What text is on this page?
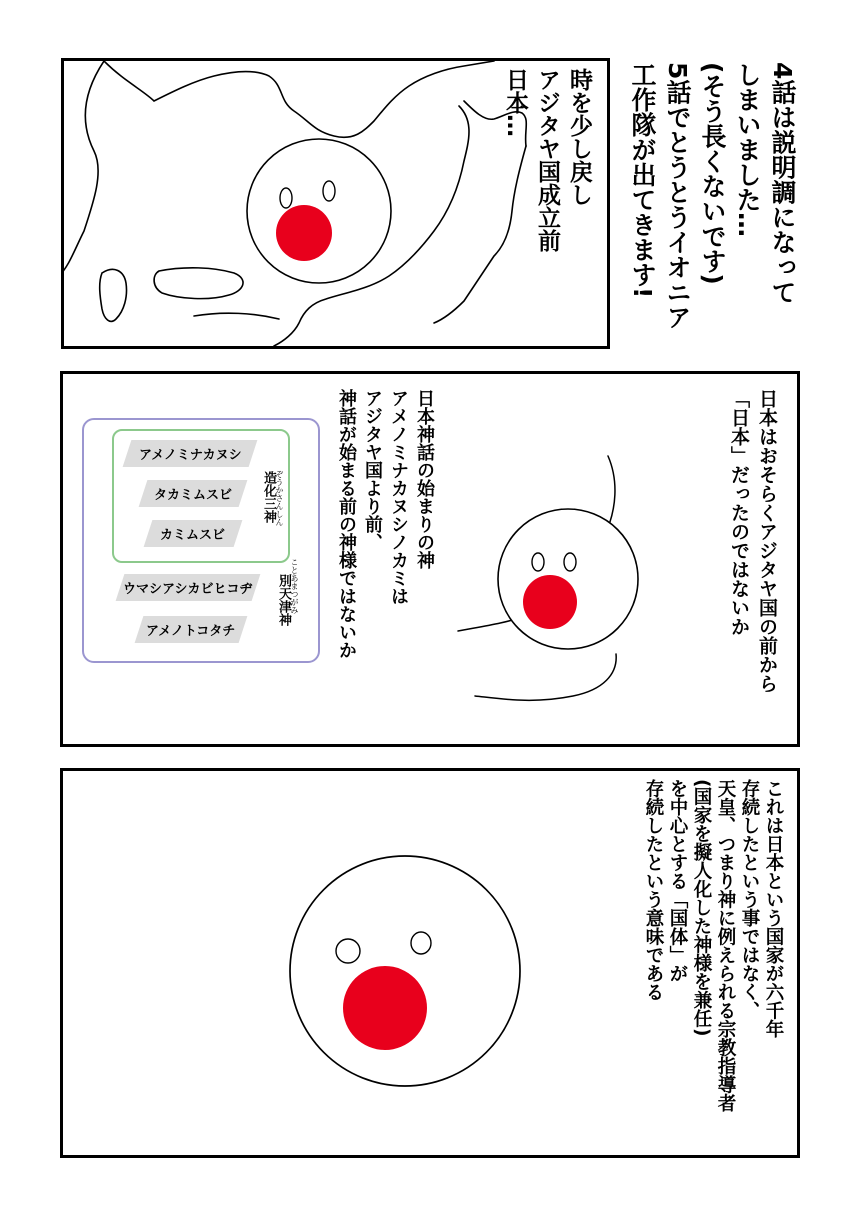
4話は説明調になって
しまいました…
(そう長くないです)
5話でとうとうイオニア
工作隊が出てきます!
時を少し戻し
アジタヤ国成立前
日本…
日本はおそらくアジタヤ国の前から
「日本」だったのではないか
日本神話の始まりの神
アメノミナカヌシノカミは
アジタヤ国より前、
神話が始まる前の神様ではないか
アメノミナカヌシ
タカミムスビ
カミムスビ
造化三神 ぞうかさんしん
ウマシアシカビヒコヂ
アメノトコタチ
別天津神 ことあまつがみ
これは日本という国家が六千年
存続したという事ではなく、
天皇、つまり神に例えられる宗教指導者
(国家を擬人化した神様を兼任)
を中心とする「国体」が
存続したという意味である
